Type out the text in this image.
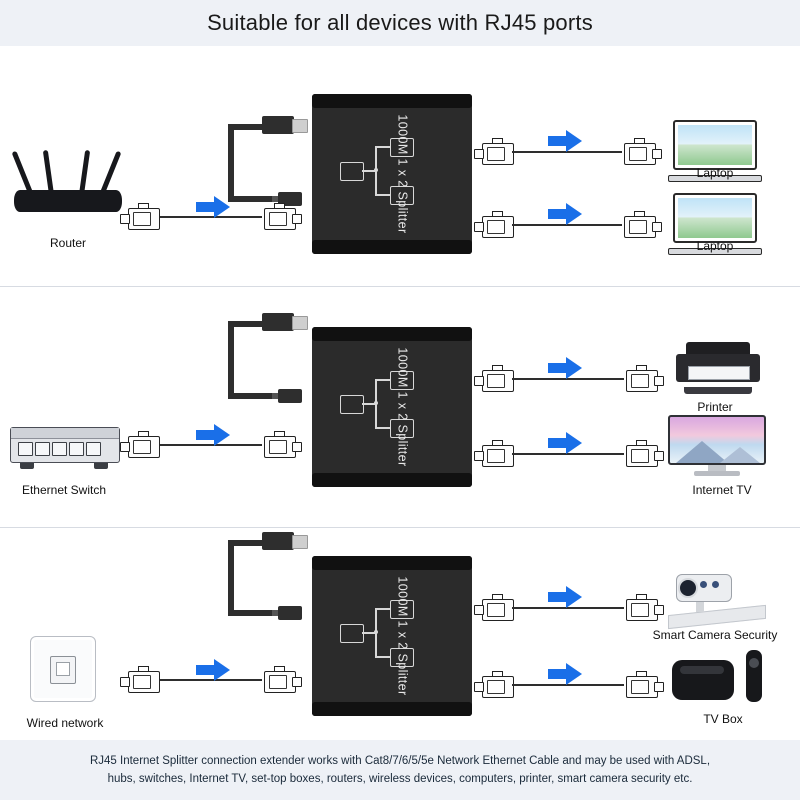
Suitable for all devices with RJ45 ports
Router
1000M 1 x 2 Splitter	Laptop
Laptop
Ethernet Switch
1000M 1 x 2 Splitter	Printer
Internet TV
Wired network
1000M 1 x 2 Splitter	Smart Camera Security
TV Box
RJ45 Internet Splitter connection extender works with Cat8/7/6/5/5e Network Ethernet Cable and may be used with ADSL,
hubs, switches, Internet TV, set-top boxes, routers, wireless devices, computers, printer, smart camera security etc.
